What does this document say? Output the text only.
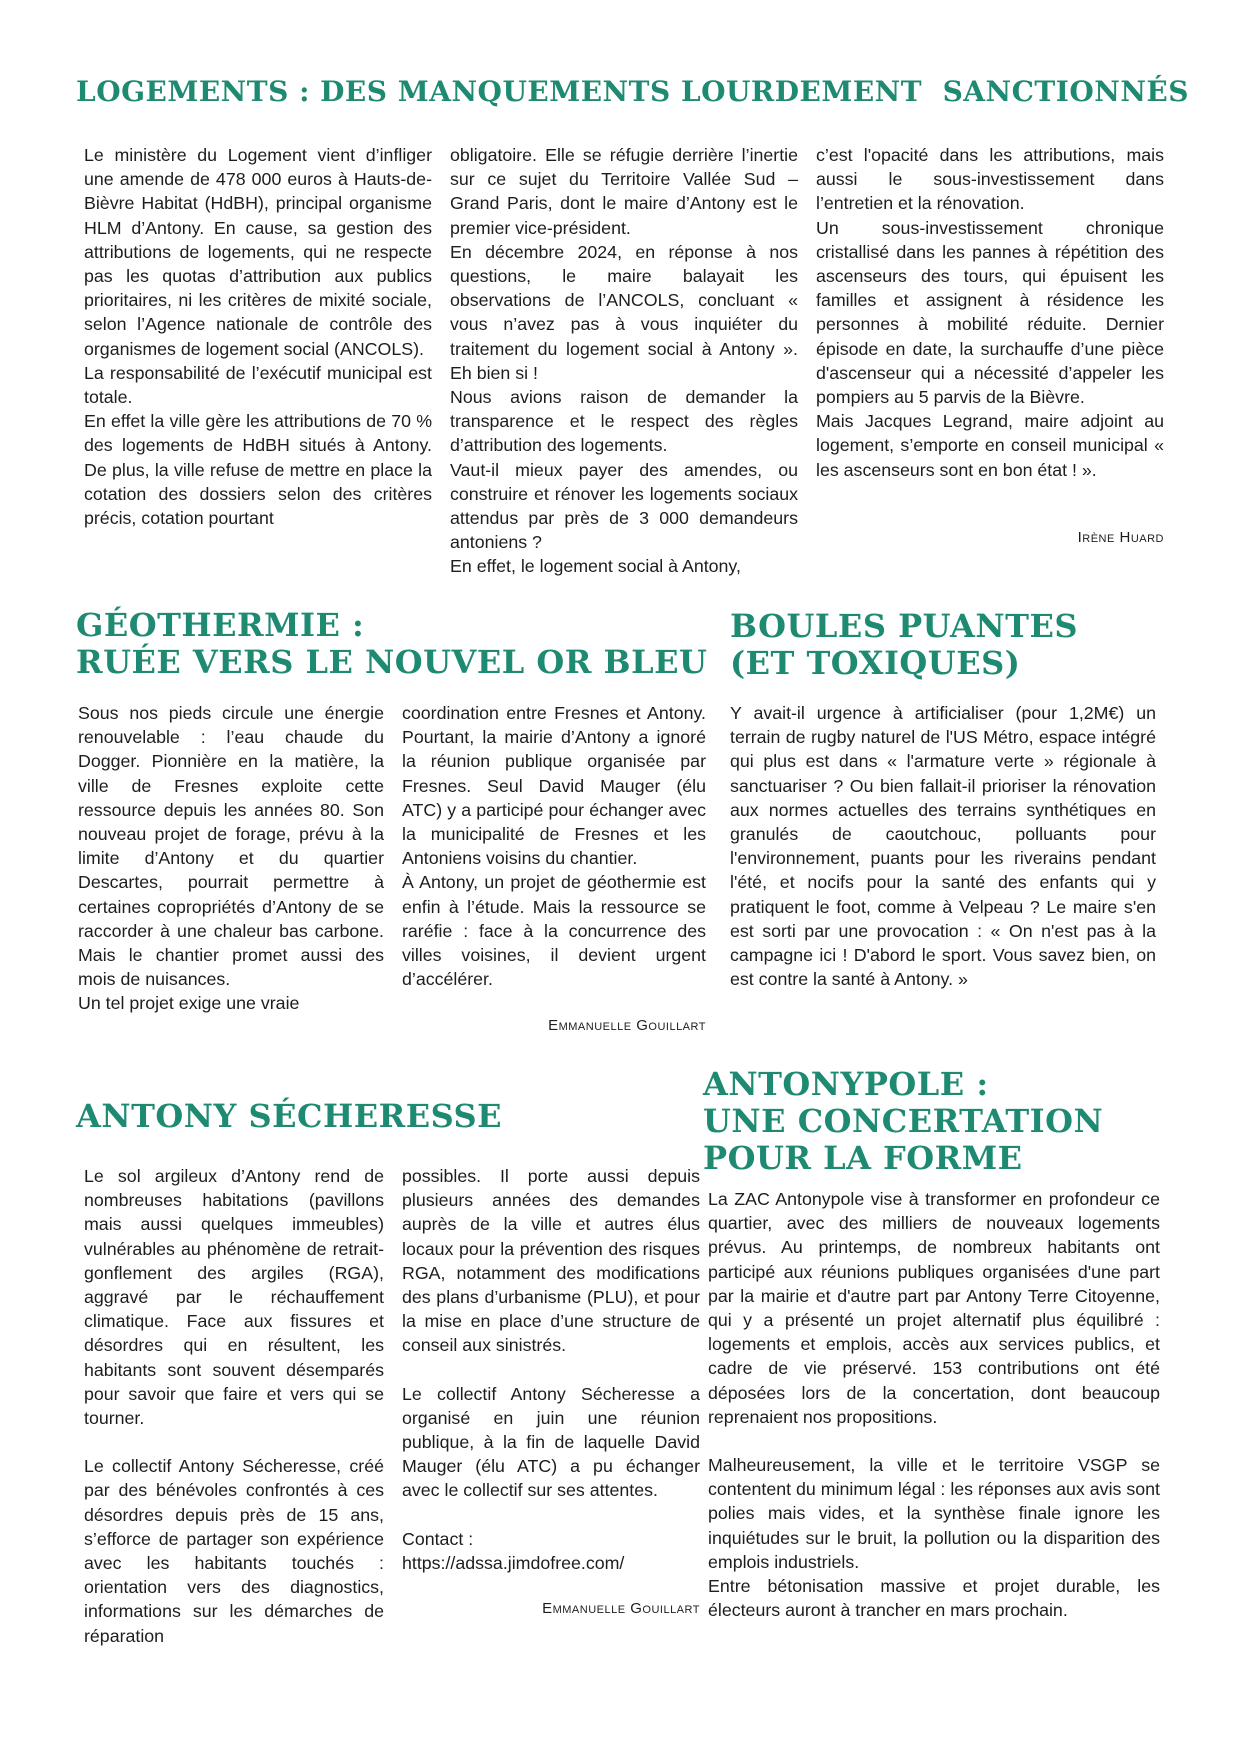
LOGEMENTS : DES MANQUEMENTS LOURDEMENT  SANCTIONNÉS

Le ministère du Logement vient d’infliger une amende de 478 000 euros à Hauts-de-Bièvre Habitat (HdBH), principal organisme HLM d’Antony. En cause, sa gestion des attributions de logements, qui ne respecte pas les quotas d’attribution aux publics prioritaires, ni les critères de mixité sociale, selon l’Agence nationale de contrôle des organismes de logement social (ANCOLS).

La responsabilité de l’exécutif municipal est totale.

En effet la ville gère les attributions de 70 % des logements de HdBH situés à Antony. De plus, la ville refuse de mettre en place la cotation des dossiers selon des critères précis, cotation pourtant

obligatoire. Elle se réfugie derrière l’inertie sur ce sujet du Territoire Vallée Sud – Grand Paris, dont le maire d’Antony est le premier vice-président.

En décembre 2024, en réponse à nos questions, le maire balayait les observations de l’ANCOLS, concluant « vous n’avez pas à vous inquiéter du traitement du logement social à Antony ». Eh bien si !

Nous avions raison de demander la transparence et le respect des règles d’attribution des logements.

Vaut-il mieux payer des amendes, ou construire et rénover les logements sociaux attendus par près de 3 000 demandeurs antoniens ?

En effet, le logement social à Antony,

c’est l'opacité dans les attributions, mais aussi le sous-investissement dans l’entretien et la rénovation.

Un sous-investissement chronique cristallisé dans les pannes à répétition des ascenseurs des tours, qui épuisent les familles et assignent à résidence les personnes à mobilité réduite. Dernier épisode en date, la surchauffe d’une pièce d'ascenseur qui a nécessité d’appeler les pompiers au 5 parvis de la Bièvre.

Mais Jacques Legrand, maire adjoint au logement, s’emporte en conseil municipal « les ascenseurs sont en bon état ! ».

Irène Huard
GÉOTHERMIE :
RUÉE VERS LE NOUVEL OR BLEU

Sous nos pieds circule une énergie renouvelable : l’eau chaude du Dogger. Pionnière en la matière, la ville de Fresnes exploite cette ressource depuis les années 80. Son nouveau projet de forage, prévu à la limite d’Antony et du quartier Descartes, pourrait permettre à certaines copropriétés d’Antony de se raccorder à une chaleur bas carbone. Mais le chantier promet aussi des mois de nuisances.

Un tel projet exige une vraie

coordination entre Fresnes et Antony. Pourtant, la mairie d’Antony a ignoré la réunion publique organisée par Fresnes. Seul David Mauger (élu ATC) y a participé pour échanger avec la municipalité de Fresnes et les Antoniens voisins du chantier.

À Antony, un projet de géothermie est enfin à l’étude. Mais la ressource se raréfie : face à la concurrence des villes voisines, il devient urgent d’accélérer.

Emmanuelle Gouillart
BOULES PUANTES
(ET TOXIQUES)

Y avait-il urgence à artificialiser (pour 1,2M€) un terrain de rugby naturel de l'US Métro, espace intégré qui plus est dans « l'armature verte » régionale à sanctuariser ? Ou bien fallait-il prioriser la rénovation aux normes actuelles des terrains synthétiques en granulés de caoutchouc, polluants pour l'environnement, puants pour les riverains pendant l'été, et nocifs pour la santé des enfants qui y pratiquent le foot, comme à Velpeau ? Le maire s'en est sorti par une provocation : « On n'est pas à la campagne ici ! D'abord le sport. Vous savez bien, on est contre la santé à Antony. »

ANTONY SÉCHERESSE

Le sol argileux d’Antony rend de nombreuses habitations (pavillons mais aussi quelques immeubles) vulnérables au phénomène de retrait-gonflement des argiles (RGA), aggravé par le réchauffement climatique. Face aux fissures et désordres qui en résultent, les habitants sont souvent désemparés pour savoir que faire et vers qui se tourner.

Le collectif Antony Sécheresse, créé par des bénévoles confrontés à ces désordres depuis près de 15 ans, s’efforce de partager son expérience avec les habitants touchés : orientation vers des diagnostics, informations sur les démarches de réparation

possibles. Il porte aussi depuis plusieurs années des demandes auprès de la ville et autres élus locaux pour la prévention des risques RGA, notamment des modifications des plans d’urbanisme (PLU), et pour la mise en place d’une structure de conseil aux sinistrés.

Le collectif Antony Sécheresse a organisé en juin une réunion publique, à la fin de laquelle David Mauger (élu ATC) a pu échanger avec le collectif sur ses attentes.

Contact :

https://adssa.jimdofree.com/

Emmanuelle Gouillart
ANTONYPOLE :
UNE CONCERTATION
POUR LA FORME

La ZAC Antonypole vise à transformer en profondeur ce quartier, avec des milliers de nouveaux logements prévus. Au printemps, de nombreux habitants ont participé aux réunions publiques organisées d'une part par la mairie et d'autre part par Antony Terre Citoyenne, qui y a présenté un projet alternatif plus équilibré : logements et emplois, accès aux services publics, et cadre de vie préservé. 153 contributions ont été déposées lors de la concertation, dont beaucoup reprenaient nos propositions.

Malheureusement, la ville et le territoire VSGP se contentent du minimum légal : les réponses aux avis sont polies mais vides, et la synthèse finale ignore les inquiétudes sur le bruit, la pollution ou la disparition des emplois industriels.

Entre bétonisation massive et projet durable, les électeurs auront à trancher en mars prochain.
